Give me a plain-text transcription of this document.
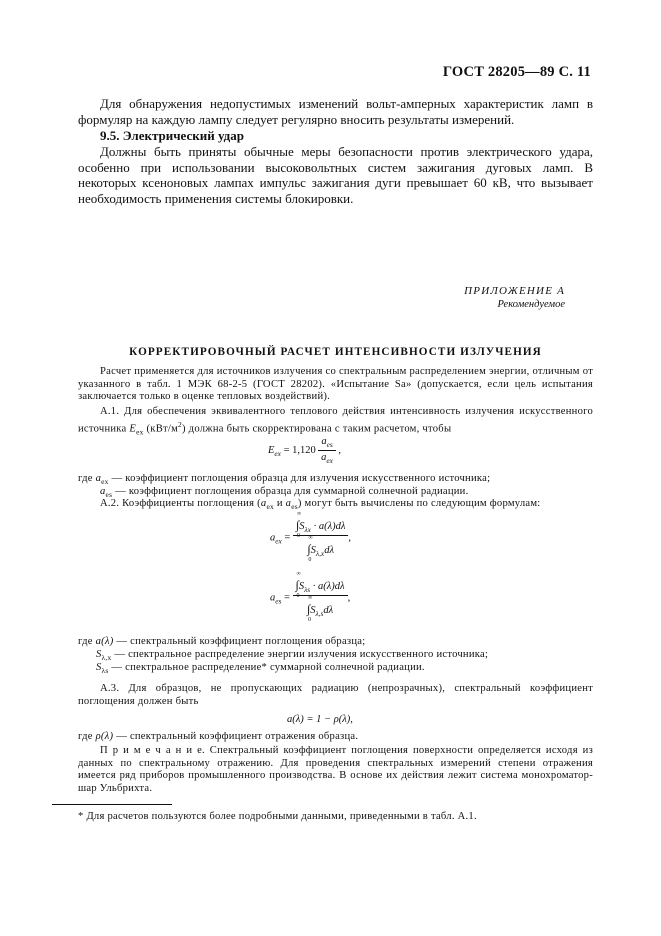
ГОСТ 28205—89 С. 11
Для обнаружения недопустимых изменений вольт-амперных характеристик ламп в формуляр на каждую лампу следует регулярно вносить результаты измерений.
9.5. Электрический удар
Должны быть приняты обычные меры безопасности против электрического удара, особенно при использовании высоковольтных систем зажигания дуговых ламп. В некоторых ксеноновых лампах импульс зажигания дуги превышает 60 кВ, что вызывает необходимость применения системы блокировки.
ПРИЛОЖЕНИЕ А
Рекомендуемое
КОРРЕКТИРОВОЧНЫЙ РАСЧЕТ ИНТЕНСИВНОСТИ ИЗЛУЧЕНИЯ
Расчет применяется для источников излучения со спектральным распределением энергии, отличным от указанного в табл. 1 МЭК 68-2-5 (ГОСТ 28202). «Испытание Sa» (допускается, если цель испытания заключается только в оценке тепловых воздействий).
А.1. Для обеспечения эквивалентного теплового действия интенсивность излучения искусственного источника $E_{ex}$ $(кВт/м^2)$ должна быть скорректирована с таким расчетом, чтобы
$E_{ex} = 1,120 \frac{a_{es}}{a_{ex}}$ ,
где $a_{ex}$ — коэффициент поглощения образца для излучения искусственного источника;
$a_{es}$ — коэффициент поглощения образца для суммарной солнечной радиации.
А.2. Коэффициенты поглощения ($a_{ex}$ и $a_{es}$) могут быть вычислены по следующим формулам:
$a_{ex}$ = ∫
∞
0
$S_{\lambda x} \cdot a(\lambda)d\lambda$
∫
∞
0
$S_{\lambda,x}d\lambda$ ,
$a_{es}$ = ∫
∞
0
$S_{\lambda s} \cdot a(\lambda)d\lambda$
∫
∞
0
$S_{\lambda,s}d\lambda$ ,
где a(λ) — спектральный коэффициент поглощения образца;
$S_{\lambda,x}$ — спектральное распределение энергии излучения искусственного источника;
$S_{\lambda s}$ — спектральное распределение* суммарной солнечной радиации.
А.3. Для образцов, не пропускающих радиацию (непрозрачных), спектральный коэффициент поглощения должен быть
a(λ) = 1 − ρ(λ),
где ρ(λ) — спектральный коэффициент отражения образца.
П р и м е ч а н и е. Спектральный коэффициент поглощения поверхности определяется исходя из данных по спектральному отражению. Для проведения спектральных измерений степени отражения имеется ряд приборов промышленного производства. В основе их действия лежит система монохроматор-шар Ульбрихта.
* Для расчетов пользуются более подробными данными, приведенными в табл. А.1.
